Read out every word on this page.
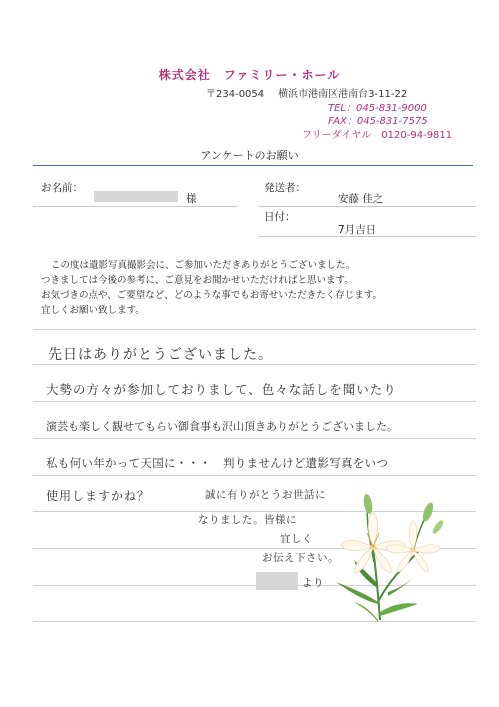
株式会社　ファミリー・ホール
〒234-0054 横浜市港南区港南台3-11-22
TEL：045-831-9000
FAX：045-831-7575
フリーダイヤル　0120-94-9811
アンケートのお願い
お名前：
様
発送者：
安藤 佳之
日付：
7月吉日
この度は遺影写真撮影会に、ご参加いただきありがとうございました。
つきましては今後の参考に、ご意見をお聞かせいただければと思います。
お気づきの点や、ご要望など、どのような事でもお寄せいただきたく存じます。
宜しくお願い致します。
先日はありがとうございました。
大勢の方々が参加しておりまして、色々な話しを聞いたり
演芸も楽しく観せてもらい御食事も沢山頂きありがとうございました。
私も何い年かって天国に・・・　判りませんけど遺影写真をいつ
使用しますかね？	誠に有りがとうお世話に
なりました。皆様に
宜しく
お伝え下さい。
より
